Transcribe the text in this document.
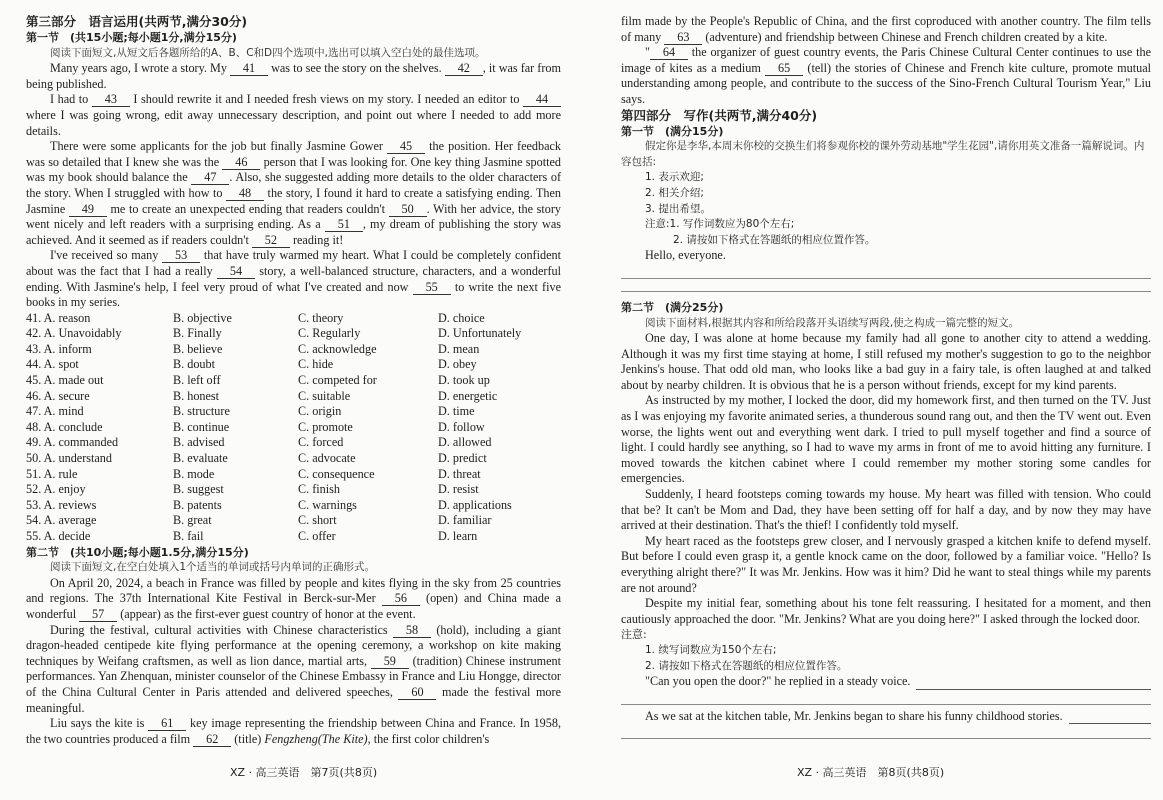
第三部分　语言运用(共两节,满分30分)
第一节　(共15小题;每小题1分,满分15分)
阅读下面短文,从短文后各题所给的A、B、C和D四个选项中,选出可以填入空白处的最佳选项。

Many years ago, I wrote a story. My 41 was to see the story on the shelves. 42 , it was far from being published.

I had to 43 I should rewrite it and I needed fresh views on my story. I needed an editor to 44 where I was going wrong, edit away unnecessary description, and point out where I needed to add more details.

There were some applicants for the job but finally Jasmine Gower 45 the position. Her feedback was so detailed that I knew she was the 46 person that I was looking for. One key thing Jasmine spotted was my book should balance the 47 . Also, she suggested adding more details to the older characters of the story. When I struggled with how to 48 the story, I found it hard to create a satisfying ending. Then Jasmine 49 me to create an unexpected ending that readers couldn't 50 . With her advice, the story went nicely and left readers with a surprising ending. As a 51 , my dream of publishing the story was achieved. And it seemed as if readers couldn't 52 reading it!

I've received so many 53 that have truly warmed my heart. What I could be completely confident about was the fact that I had a really 54 story, a well-balanced structure, characters, and a wonderful ending. With Jasmine's help, I feel very proud of what I've created and now 55 to write the next five books in my series.

41. A. reason	B. objective	C. theory	D. choice
42. A. Unavoidably	B. Finally	C. Regularly	D. Unfortunately
43. A. inform	B. believe	C. acknowledge	D. mean
44. A. spot	B. doubt	C. hide	D. obey
45. A. made out	B. left off	C. competed for	D. took up
46. A. secure	B. honest	C. suitable	D. energetic
47. A. mind	B. structure	C. origin	D. time
48. A. conclude	B. continue	C. promote	D. follow
49. A. commanded	B. advised	C. forced	D. allowed
50. A. understand	B. evaluate	C. advocate	D. predict
51. A. rule	B. mode	C. consequence	D. threat
52. A. enjoy	B. suggest	C. finish	D. resist
53. A. reviews	B. patents	C. warnings	D. applications
54. A. average	B. great	C. short	D. familiar
55. A. decide	B. fail	C. offer	D. learn
第二节　(共10小题;每小题1.5分,满分15分)
阅读下面短文,在空白处填入1个适当的单词或括号内单词的正确形式。

On April 20, 2024, a beach in France was filled by people and kites flying in the sky from 25 countries and regions. The 37th International Kite Festival in Berck-sur-Mer 56 (open) and China made a wonderful 57 (appear) as the first-ever guest country of honor at the event.

During the festival, cultural activities with Chinese characteristics 58 (hold), including a giant dragon-headed centipede kite flying performance at the opening ceremony, a workshop on kite making techniques by Weifang craftsmen, as well as lion dance, martial arts, 59 (tradition) Chinese instrument performances. Yan Zhenquan, minister counselor of the Chinese Embassy in France and Liu Hongge, director of the China Cultural Center in Paris attended and delivered speeches, 60 made the festival more meaningful.

Liu says the kite is 61 key image representing the friendship between China and France. In 1958, the two countries produced a film 62 (title) Fengzheng(The Kite), the first color children's

XZ · 高三英语　第7页(共8页)

film made by the People's Republic of China, and the first coproduced with another country. The film tells of many 63 (adventure) and friendship between Chinese and French children created by a kite.

" 64 the organizer of guest country events, the Paris Chinese Cultural Center continues to use the image of kites as a medium 65 (tell) the stories of Chinese and French kite culture, promote mutual understanding among people, and contribute to the success of the Sino-French Cultural Tourism Year," Liu says.

第四部分　写作(共两节,满分40分)
第一节　(满分15分)
假定你是李华,本周末你校的交换生们将参观你校的课外劳动基地"学生花园",请你用英文准备一篇解说词。内容包括:
1. 表示欢迎;
2. 相关介绍;
3. 提出希望。
注意:1. 写作词数应为80个左右;
2. 请按如下格式在答题纸的相应位置作答。
Hello, everyone.
第二节　(满分25分)
阅读下面材料,根据其内容和所给段落开头语续写两段,使之构成一篇完整的短文。

One day, I was alone at home because my family had all gone to another city to attend a wedding. Although it was my first time staying at home, I still refused my mother's suggestion to go to the neighbor Jenkins's house. That odd old man, who looks like a bad guy in a fairy tale, is often laughed at and talked about by nearby children. It is obvious that he is a person without friends, except for my kind parents.

As instructed by my mother, I locked the door, did my homework first, and then turned on the TV. Just as I was enjoying my favorite animated series, a thunderous sound rang out, and then the TV went out. Even worse, the lights went out and everything went dark. I tried to pull myself together and find a source of light. I could hardly see anything, so I had to wave my arms in front of me to avoid hitting any furniture. I moved towards the kitchen cabinet where I could remember my mother storing some candles for emergencies.

Suddenly, I heard footsteps coming towards my house. My heart was filled with tension. Who could that be? It can't be Mom and Dad, they have been setting off for half a day, and by now they may have arrived at their destination. That's the thief! I confidently told myself.

My heart raced as the footsteps grew closer, and I nervously grasped a kitchen knife to defend myself. But before I could even grasp it, a gentle knock came on the door, followed by a familiar voice. "Hello? Is everything alright there?" It was Mr. Jenkins. How was it him? Did he want to steal things while my parents are not around?

Despite my initial fear, something about his tone felt reassuring. I hesitated for a moment, and then cautiously approached the door. "Mr. Jenkins? What are you doing here?" I asked through the locked door.

注意:
1. 续写词数应为150个左右;
2. 请按如下格式在答题纸的相应位置作答。
"Can you open the door?" he replied in a steady voice.
As we sat at the kitchen table, Mr. Jenkins began to share his funny childhood stories.
XZ · 高三英语　第8页(共8页)
